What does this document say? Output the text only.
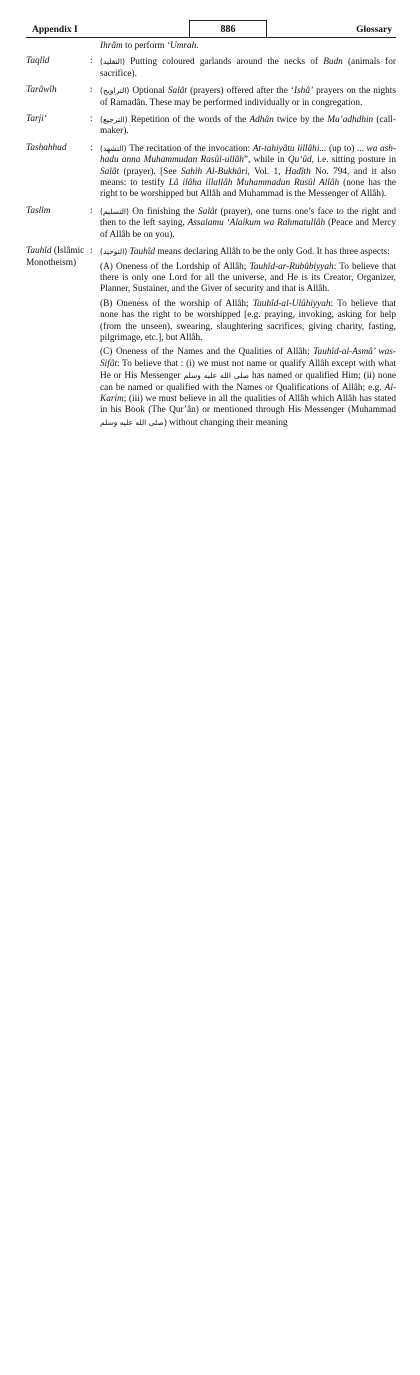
Appendix I	886	Glossary
Ihrâm to perform ‘Umrah.
Taqlîd	: (التقليد) Putting coloured garlands around the necks of Budn (animals for sacrifice).
Tarâwîh	: (التراويح) Optional Salât (prayers) offered after the ‘Ishâ’ prayers on the nights of Ramadân. These may be performed individually or in congregation.
Tarji‘	: (الترجيع) Repetition of the words of the Adhân twice by the Mu’adhdhin (call-maker).
Tashahhud	: (التشهد) The recitation of the invocation: At-tahiyâtu lillâhi... (up to) ... wa ash-hadu anna Muhammudan Rasûl-ullâh”, while in Qu‘ûd, i.e. sitting posture in Salât (prayer). [See Sahih Al-Bukhâri, Vol. 1, Hadîth No. 794, and it also means: to testify Lâ ilâha illallâh Muhammadun Rusûl Allâh (none has the right to be worshipped but Allâh and Muhammad is the Messenger of Allâh).
Taslîm	: (التسليم) On finishing the Salât (prayer), one turns one’s face to the right and then to the left saying, Assalamu ‘Alaikum wa Rahmatullâh (Peace and Mercy of Allâh be on you).
Tauhîd (Islâmic Monotheism)
: (التوحيد) Tauhîd means declaring Allâh to be the only God. It has three aspects:

(A) Oneness of the Lordship of Allâh; Tauhîd-ar-Rubûbiyyah: To believe that there is only one Lord for all the universe, and He is its Creator, Organizer, Planner, Sustainer, and the Giver of security and that is Allâh.

(B) Oneness of the worship of Allâh; Tauhîd-al-Ulûhiyyah: To believe that none has the right to be worshipped [e.g. praying, invoking, asking for help (from the unseen), swearing, slaughtering sacrifices, giving charity, fasting, pilgrimage, etc.], but Allâh.

(C) Oneness of the Names and the Qualities of Allâh; Tauhîd-al-Asmâ’ was-Sifât: To believe that : (i) we must not name or qualify Allâh except with what He or His Messenger صلى الله عليه وسلم has named or qualified Him; (ii) none can be named or qualified with the Names or Qualifications of Allâh; e.g. Al-Karim; (iii) we must believe in all the qualities of Allâh which Allâh has stated in his Book (The Qur’ân) or mentioned through His Messenger (Muhammad صلى الله عليه وسلم) without changing their meaning
